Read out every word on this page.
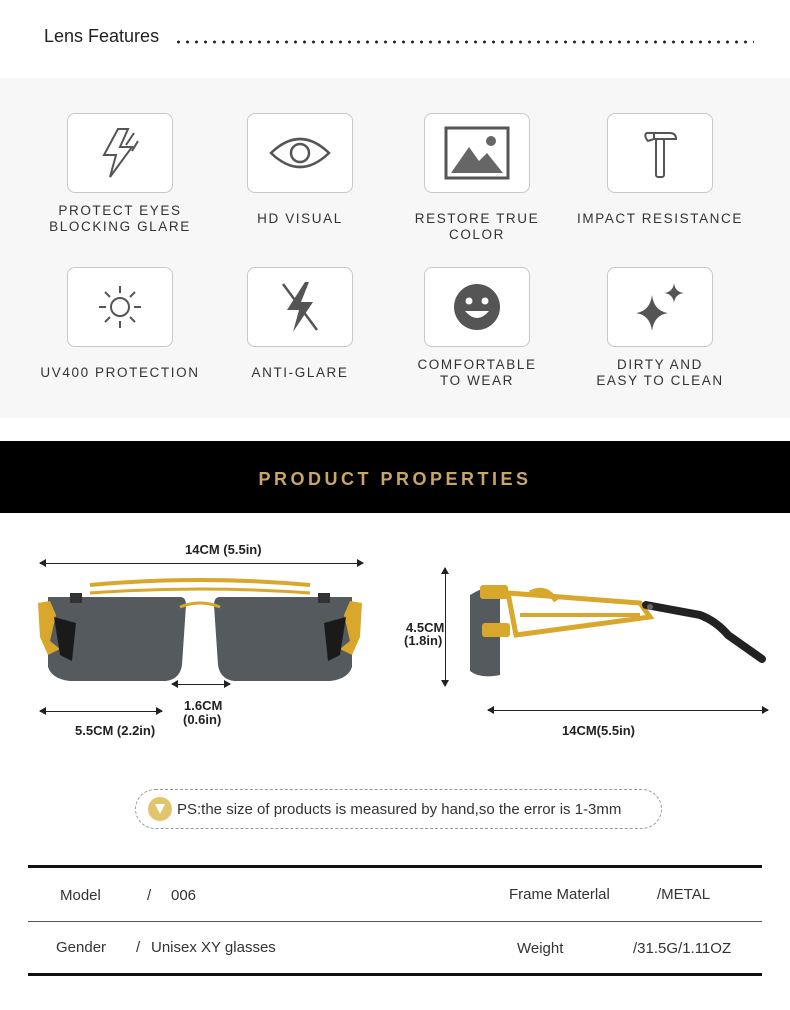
Lens Features
PROTECT EYES
BLOCKING GLARE
HD VISUAL	RESTORE TRUE COLOR
IMPACT RESISTANCE
UV400 PROTECTION	ANTI-GLARE
COMFORTABLE
TO WEAR
DIRTY AND
EASY TO CLEAN
PRODUCT PROPERTIES
14CM (5.5in)
1.6CM
(0.6in)
5.5CM (2.2in)
4.5CM
(1.8in)
14CM(5.5in)
PS:the size of products is measured by hand,so the error is 1-3mm
Model	/ 006	Frame Materlal	/METAL
Gender / Unisex XY glasses	Weight	/31.5G/1.11OZ
